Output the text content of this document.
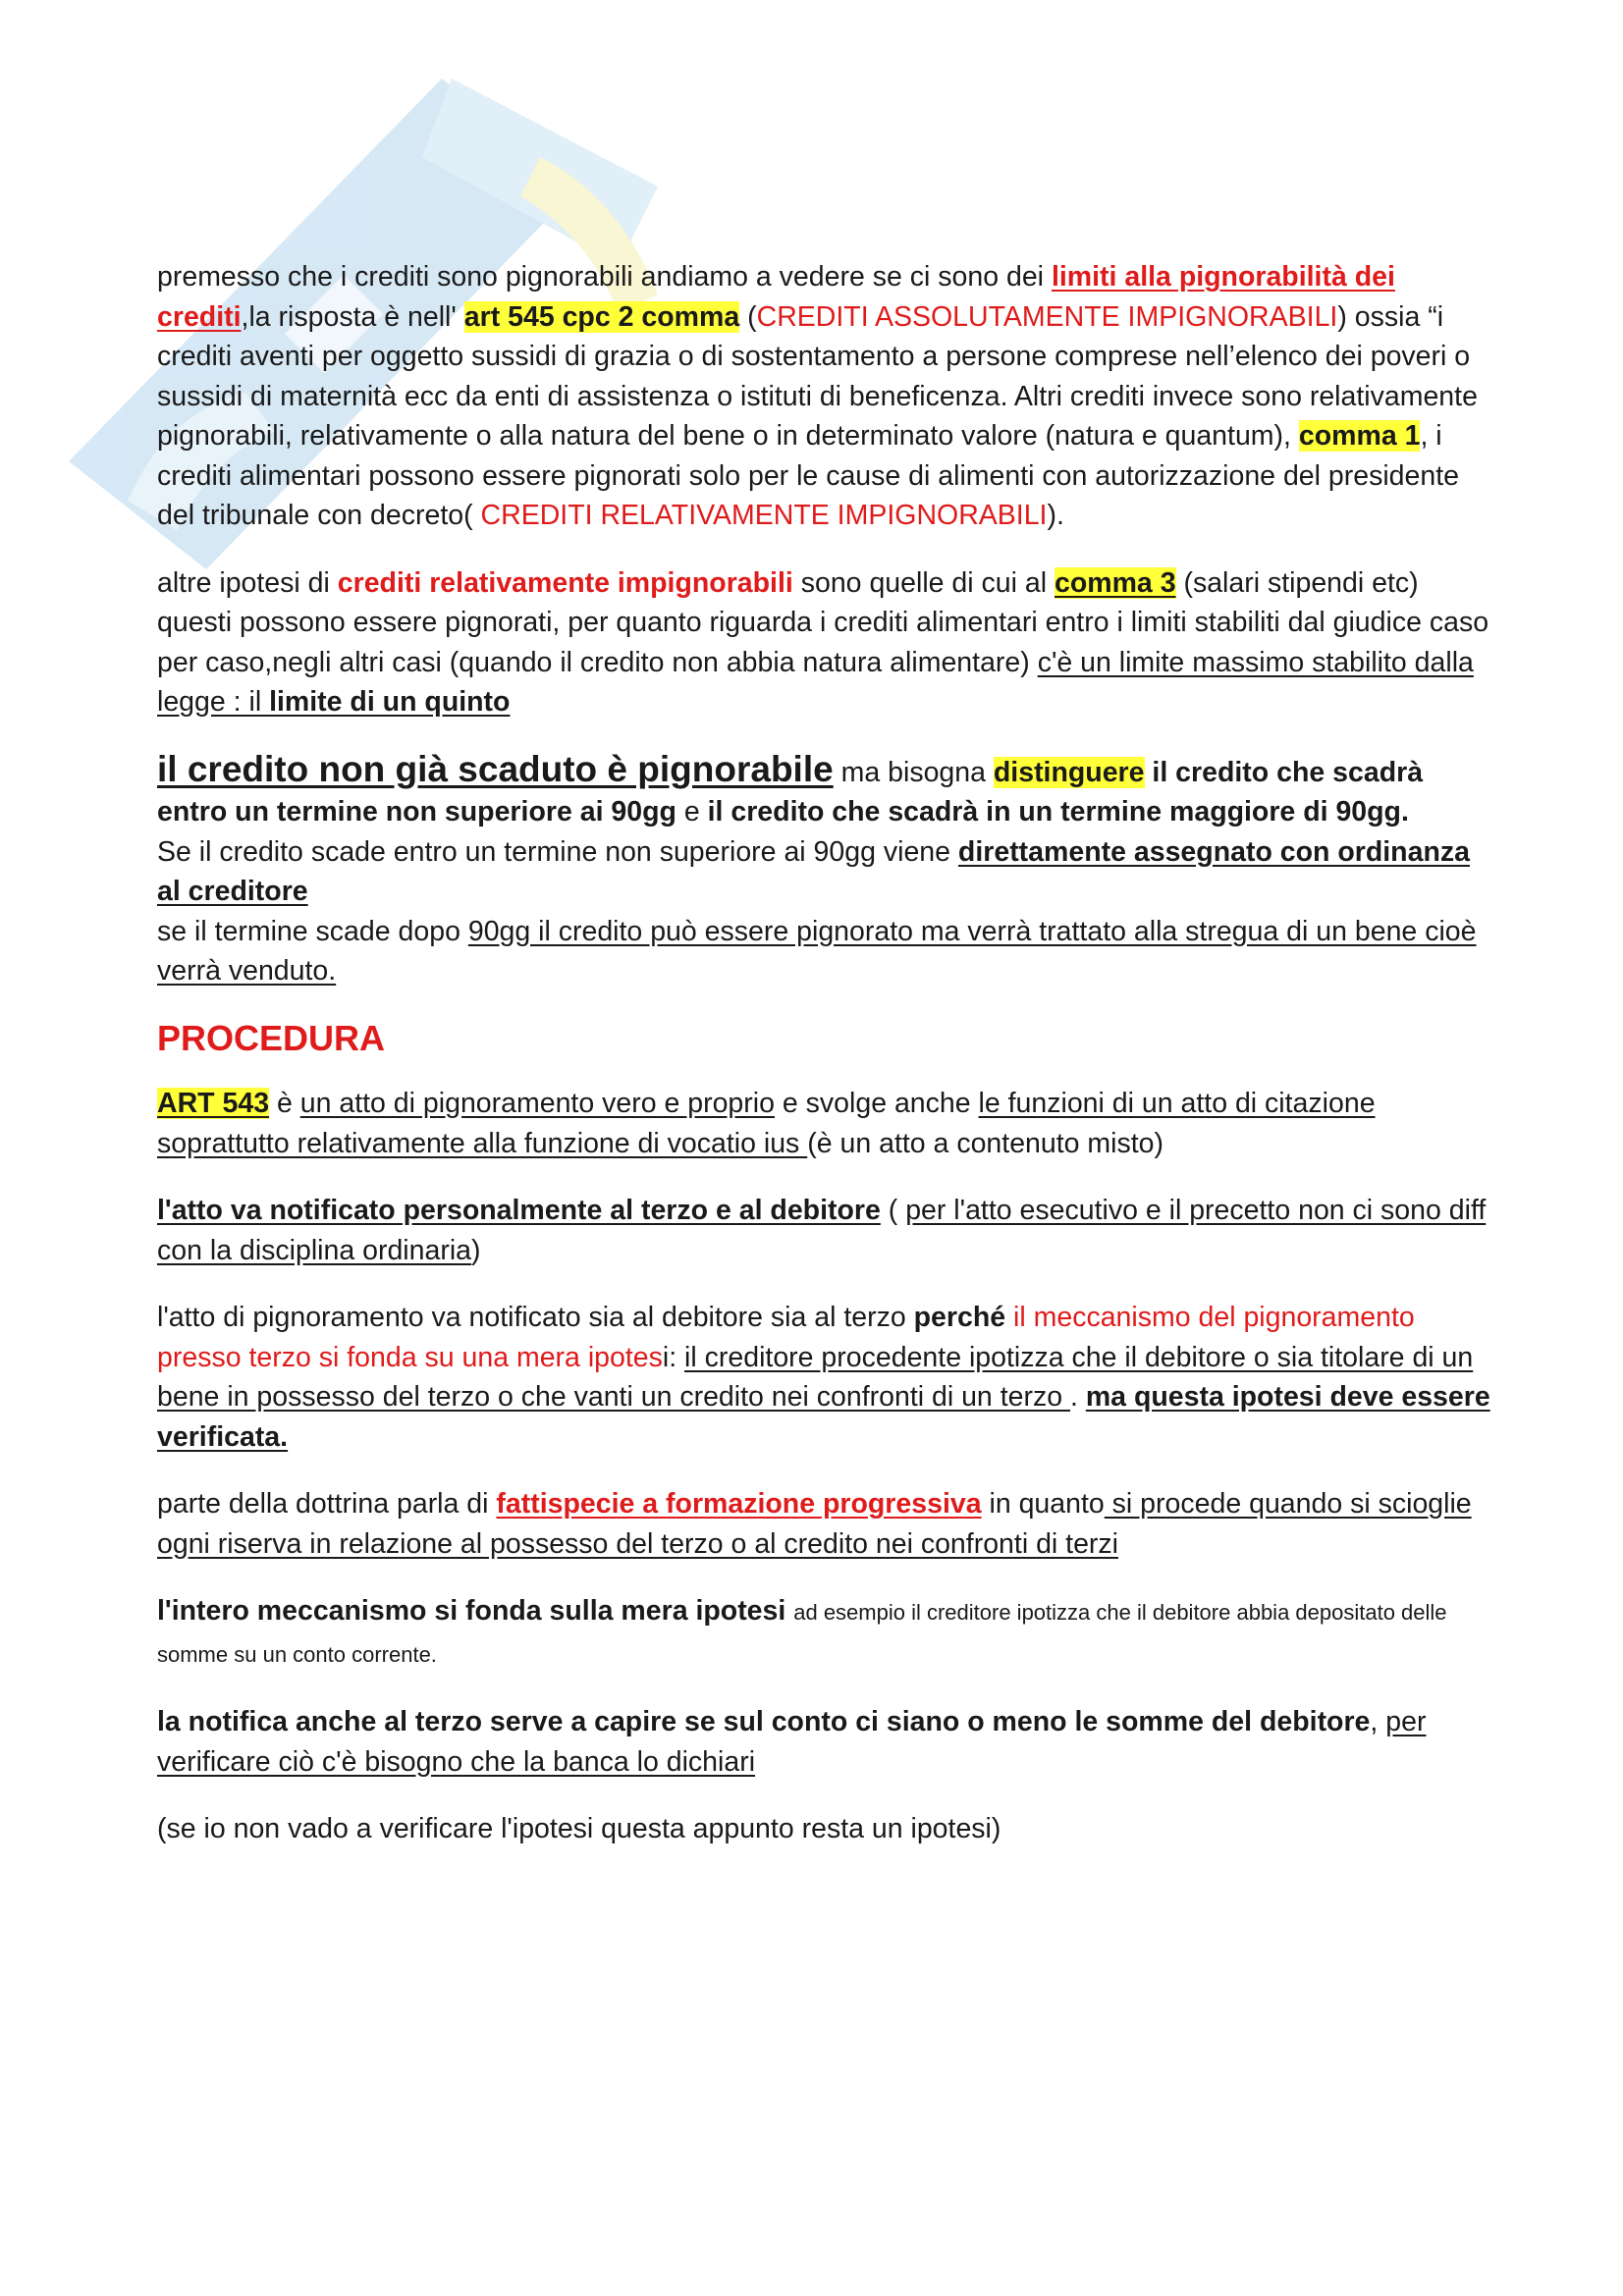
premesso che i crediti sono pignorabili andiamo a vedere se ci sono dei limiti alla pignorabilità dei crediti,la risposta è nell' art 545 cpc 2 comma (CREDITI ASSOLUTAMENTE IMPIGNORABILI) ossia “i crediti aventi per oggetto sussidi di grazia o di sostentamento a persone comprese nell’elenco dei poveri o sussidi di maternità ecc da enti di assistenza o istituti di beneficenza. Altri crediti invece sono relativamente pignorabili, relativamente o alla natura del bene o in determinato valore (natura e quantum), comma 1, i crediti alimentari possono essere pignorati solo per le cause di alimenti con autorizzazione del presidente del tribunale con decreto( CREDITI RELATIVAMENTE IMPIGNORABILI).

altre ipotesi di crediti relativamente impignorabili sono quelle di cui al comma 3 (salari stipendi etc) questi possono essere pignorati, per quanto riguarda i crediti alimentari entro i limiti stabiliti dal giudice caso per caso,negli altri casi (quando il credito non abbia natura alimentare) c'è un limite massimo stabilito dalla legge : il limite di un quinto

il credito non già scaduto è pignorabile ma bisogna distinguere il credito che scadrà entro un termine non superiore ai 90gg e il credito che scadrà in un termine maggiore di 90gg.
Se il credito scade entro un termine non superiore ai 90gg viene direttamente assegnato con ordinanza al creditore
se il termine scade dopo 90gg il credito può essere pignorato ma verrà trattato alla stregua di un bene cioè verrà venduto.

PROCEDURA

ART 543 è un atto di pignoramento vero e proprio e svolge anche le funzioni di un atto di citazione soprattutto relativamente alla funzione di vocatio ius (è un atto a contenuto misto)

l'atto va notificato personalmente al terzo e al debitore ( per l'atto esecutivo e il precetto non ci sono diff con la disciplina ordinaria)

l'atto di pignoramento va notificato sia al debitore sia al terzo perché il meccanismo del pignoramento presso terzo si fonda su una mera ipotesi: il creditore procedente ipotizza che il debitore o sia titolare di un bene in possesso del terzo o che vanti un credito nei confronti di un terzo . ma questa ipotesi deve essere verificata.

parte della dottrina parla di fattispecie a formazione progressiva in quanto si procede quando si scioglie ogni riserva in relazione al possesso del terzo o al credito nei confronti di terzi

l'intero meccanismo si fonda sulla mera ipotesi ad esempio il creditore ipotizza che il debitore abbia depositato delle somme su un conto corrente.

la notifica anche al terzo serve a capire se sul conto ci siano o meno le somme del debitore, per verificare ciò c'è bisogno che la banca lo dichiari

(se io non vado a verificare l'ipotesi questa appunto resta un ipotesi)
